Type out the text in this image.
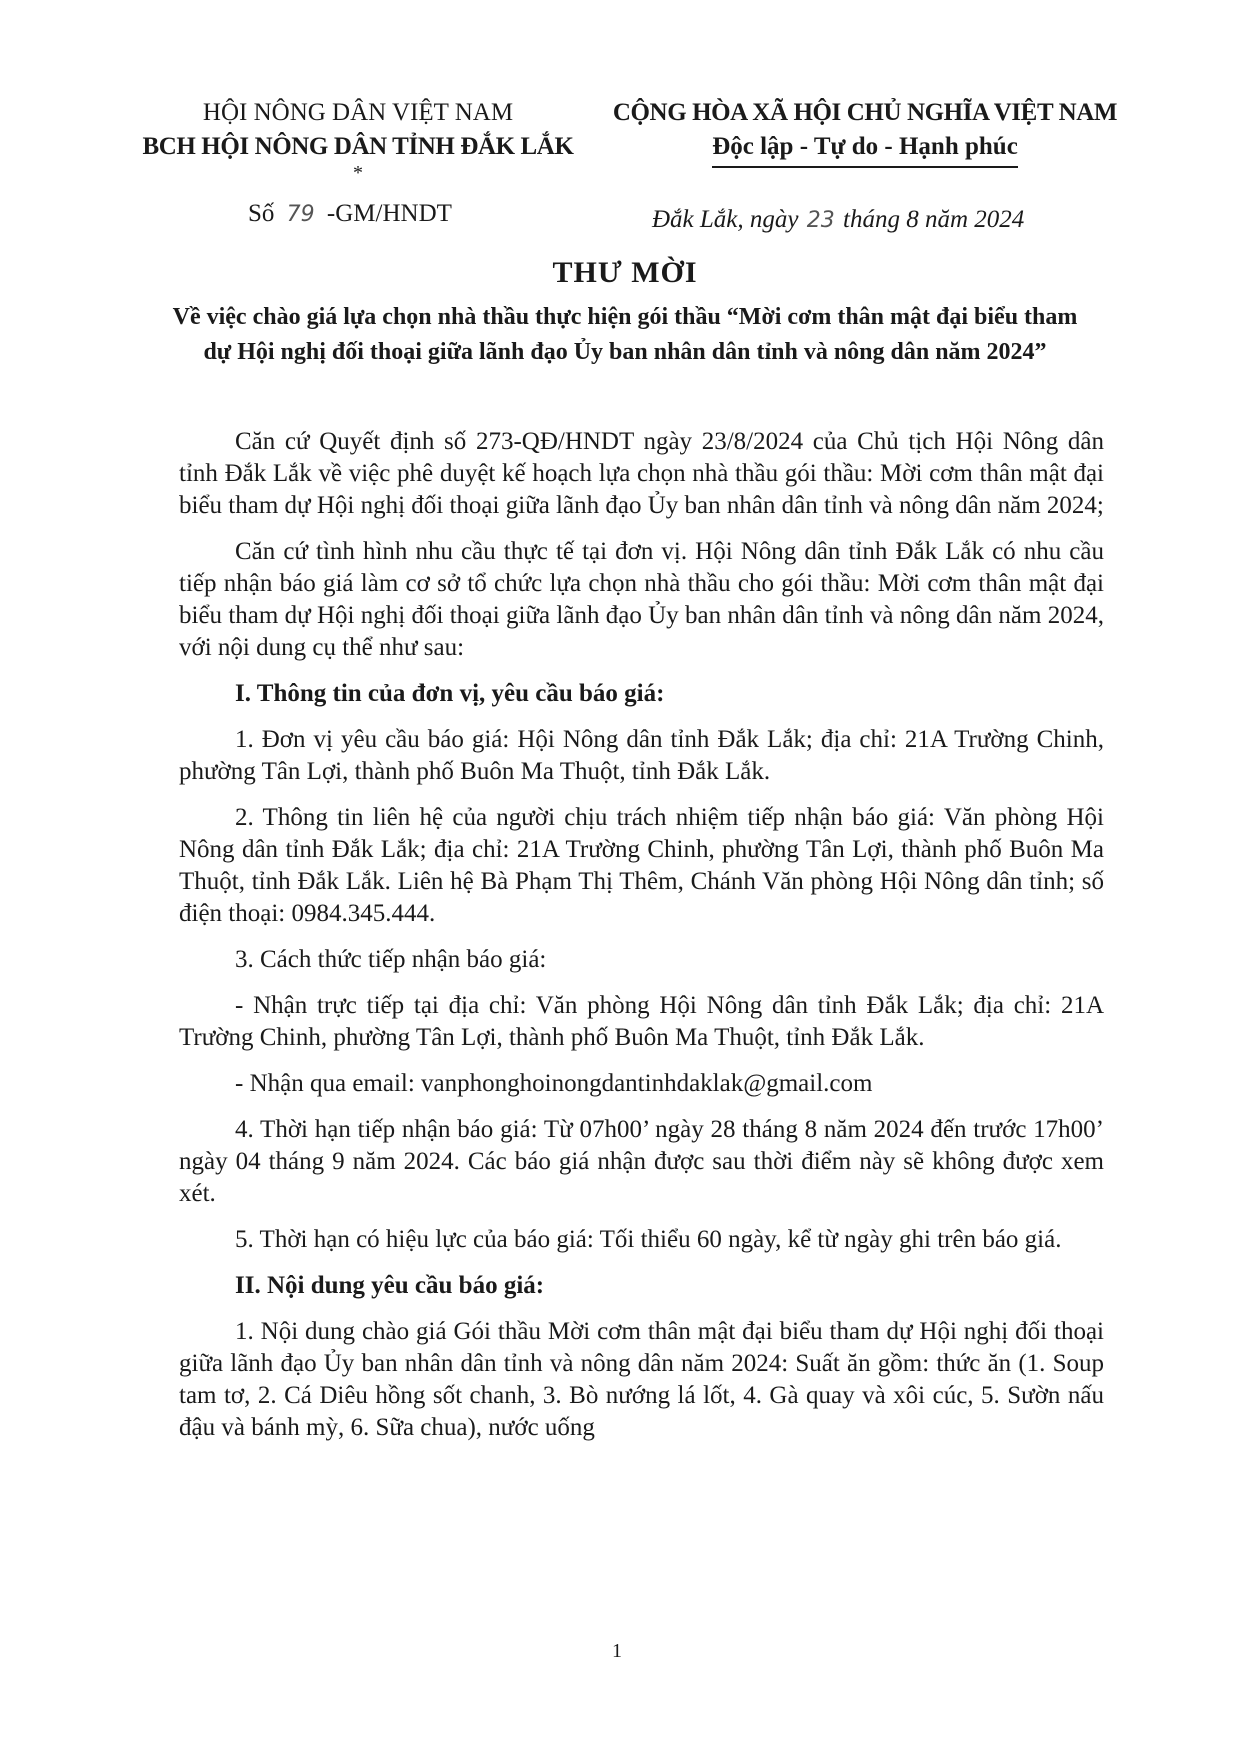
HỘI NÔNG DÂN VIỆT NAM
BCH HỘI NÔNG DÂN TỈNH ĐẮK LẮK
*
CỘNG HÒA XÃ HỘI CHỦ NGHĨA VIỆT NAM
Độc lập - Tự do - Hạnh phúc
Số 79 -GM/HNDT	Đắk Lắk, ngày 23 tháng 8 năm 2024
THƯ MỜI
Về việc chào giá lựa chọn nhà thầu thực hiện gói thầu “Mời cơm thân mật đại biểu tham dự Hội nghị đối thoại giữa lãnh đạo Ủy ban nhân dân tỉnh và nông dân năm 2024”

Căn cứ Quyết định số 273-QĐ/HNDT ngày 23/8/2024 của Chủ tịch Hội Nông dân tỉnh Đắk Lắk về việc phê duyệt kế hoạch lựa chọn nhà thầu gói thầu: Mời cơm thân mật đại biểu tham dự Hội nghị đối thoại giữa lãnh đạo Ủy ban nhân dân tỉnh và nông dân năm 2024;

Căn cứ tình hình nhu cầu thực tế tại đơn vị. Hội Nông dân tỉnh Đắk Lắk có nhu cầu tiếp nhận báo giá làm cơ sở tổ chức lựa chọn nhà thầu cho gói thầu: Mời cơm thân mật đại biểu tham dự Hội nghị đối thoại giữa lãnh đạo Ủy ban nhân dân tỉnh và nông dân năm 2024, với nội dung cụ thể như sau:

I. Thông tin của đơn vị, yêu cầu báo giá:

1. Đơn vị yêu cầu báo giá: Hội Nông dân tỉnh Đắk Lắk; địa chỉ: 21A Trường Chinh, phường Tân Lợi, thành phố Buôn Ma Thuột, tỉnh Đắk Lắk.

2. Thông tin liên hệ của người chịu trách nhiệm tiếp nhận báo giá: Văn phòng Hội Nông dân tỉnh Đắk Lắk; địa chỉ: 21A Trường Chinh, phường Tân Lợi, thành phố Buôn Ma Thuột, tỉnh Đắk Lắk. Liên hệ Bà Phạm Thị Thêm, Chánh Văn phòng Hội Nông dân tỉnh; số điện thoại: 0984.345.444.

3. Cách thức tiếp nhận báo giá:

- Nhận trực tiếp tại địa chỉ: Văn phòng Hội Nông dân tỉnh Đắk Lắk; địa chỉ: 21A Trường Chinh, phường Tân Lợi, thành phố Buôn Ma Thuột, tỉnh Đắk Lắk.

- Nhận qua email: vanphonghoinongdantinhdaklak@gmail.com

4. Thời hạn tiếp nhận báo giá: Từ 07h00’ ngày 28 tháng 8 năm 2024 đến trước 17h00’ ngày 04 tháng 9 năm 2024. Các báo giá nhận được sau thời điểm này sẽ không được xem xét.

5. Thời hạn có hiệu lực của báo giá: Tối thiểu 60 ngày, kể từ ngày ghi trên báo giá.

II. Nội dung yêu cầu báo giá:

1. Nội dung chào giá Gói thầu Mời cơm thân mật đại biểu tham dự Hội nghị đối thoại giữa lãnh đạo Ủy ban nhân dân tỉnh và nông dân năm 2024: Suất ăn gồm: thức ăn (1. Soup tam tơ, 2. Cá Diêu hồng sốt chanh, 3. Bò nướng lá lốt, 4. Gà quay và xôi cúc, 5. Sườn nấu đậu và bánh mỳ, 6. Sữa chua), nước uống

1
